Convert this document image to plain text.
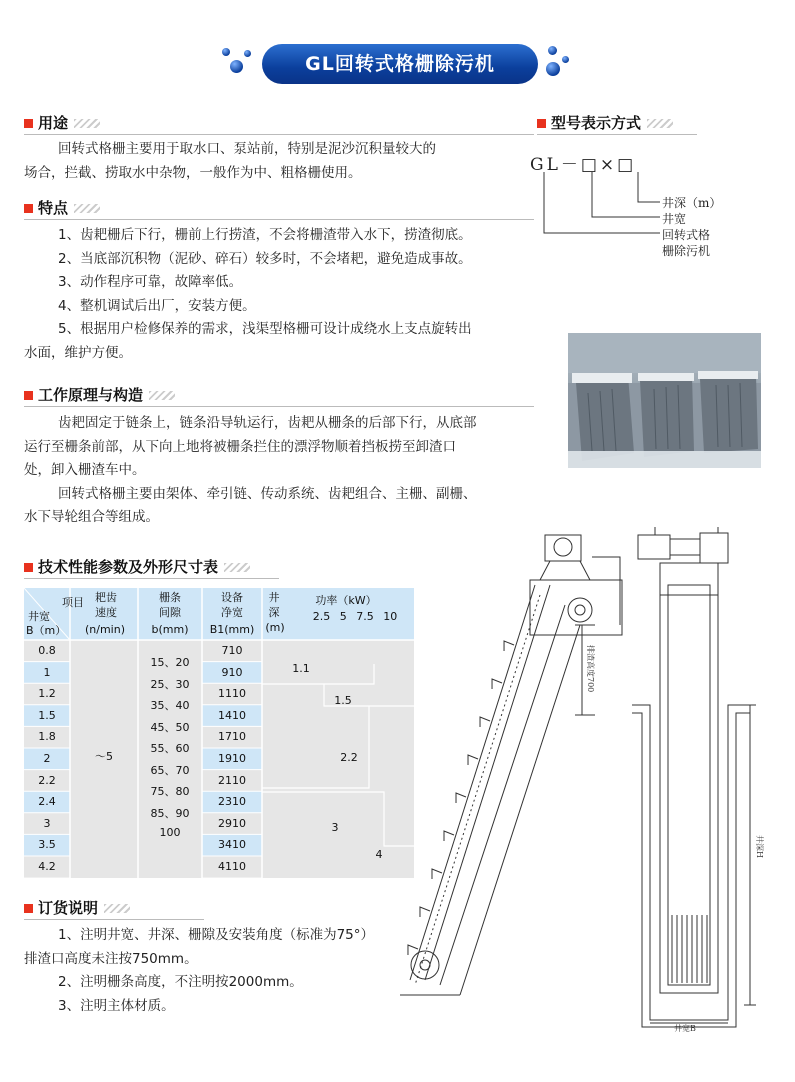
GL回转式格栅除污机
用途
回转式格栅主要用于取水口、泵站前，特别是泥沙沉积量较大的
场合，拦截、捞取水中杂物，一般作为中、粗格栅使用。
特点
1、齿耙栅后下行，栅前上行捞渣，不会将栅渣带入水下，捞渣彻底。
2、当底部沉积物（泥砂、碎石）较多时，不会堵耙，避免造成事故。
3、动作程序可靠，故障率低。
4、整机调试后出厂，安装方便。
5、根据用户检修保养的需求，浅渠型格栅可设计成绕水上支点旋转出
水面，维护方便。
工作原理与构造
齿耙固定于链条上，链条沿导轨运行，齿耙从栅条的后部下行，从底部
运行至栅条前部，从下向上地将被栅条拦住的漂浮物顺着挡板捞至卸渣口
处，卸入栅渣车中。
回转式格栅主要由架体、牵引链、传动系统、齿耙组合、主栅、副栅、
水下导轮组合等组成。
技术性能参数及外形尺寸表
项目
井宽
B（m）
耙齿
速度
(n/min)
栅条
间隙
b(mm)
设备
净宽
B1(mm)
井
深
(m)
功率（kW）
2.5 5 7.5 10
0.8
1
1.2
1.5
1.8
2
2.2
2.4
3
3.5
4.2
～5
15、20
25、30
35、40
45、50
55、60
65、70
75、80
85、90
100
710
910
1110
1410
1710
1910
2110
2310
2910
3410
4110
1.1
1.5
2.2
3
4
订货说明
1、注明井宽、井深、栅隙及安装角度（标准为75°）
排渣口高度未注按750mm。
2、注明栅条高度，不注明按2000mm。
3、注明主体材质。
型号表示方式
GL－□×□
井深（m）
井宽
回转式格
栅除污机
排渣高度700
井深H
井宽B
